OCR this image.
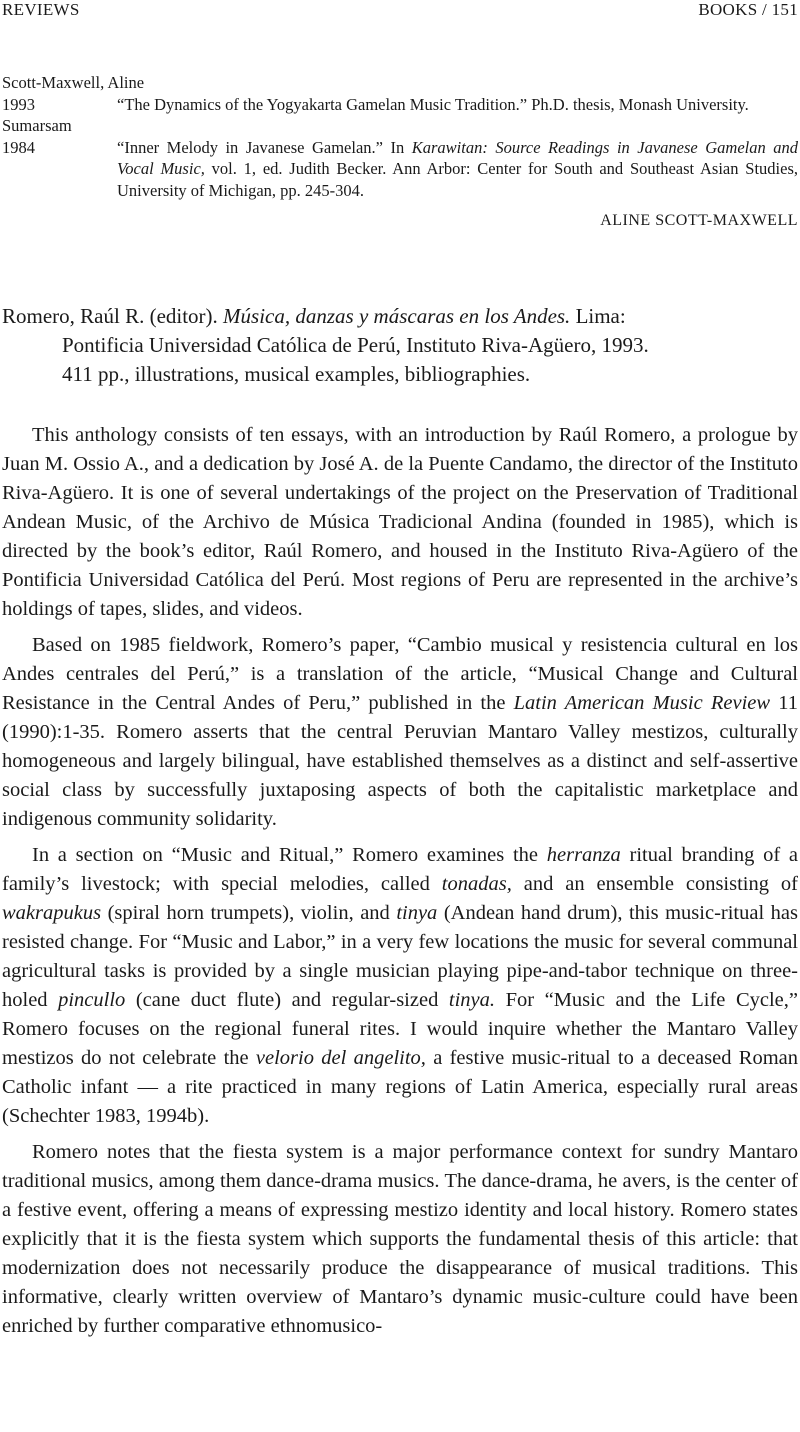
REVIEWS	BOOKS / 151
Scott-Maxwell, Aline
1993	“The Dynamics of the Yogyakarta Gamelan Music Tradition.” Ph.D. thesis, Monash University.
Sumarsam
1984	“Inner Melody in Javanese Gamelan.” In Karawitan: Source Readings in Javanese Gamelan and Vocal Music, vol. 1, ed. Judith Becker. Ann Arbor: Center for South and Southeast Asian Studies, University of Michigan, pp. 245-304.
ALINE SCOTT-MAXWELL
Romero, Raúl R. (editor). Música, danzas y máscaras en los Andes. Lima:
Pontificia Universidad Católica de Perú, Instituto Riva-Agüero, 1993.
411 pp., illustrations, musical examples, bibliographies.

This anthology consists of ten essays, with an introduction by Raúl Romero, a prologue by Juan M. Ossio A., and a dedication by José A. de la Puente Candamo, the director of the Instituto Riva-Agüero. It is one of several undertakings of the project on the Preservation of Traditional Andean Music, of the Archivo de Música Tradicional Andina (founded in 1985), which is directed by the book’s editor, Raúl Romero, and housed in the Instituto Riva-Agüero of the Pontificia Universidad Católica del Perú. Most regions of Peru are represented in the archive’s holdings of tapes, slides, and videos.

Based on 1985 fieldwork, Romero’s paper, “Cambio musical y resistencia cultural en los Andes centrales del Perú,” is a translation of the article, “Musical Change and Cultural Resistance in the Central Andes of Peru,” published in the Latin American Music Review 11 (1990):1-35. Romero asserts that the central Peruvian Mantaro Valley mestizos, culturally homogeneous and largely bilingual, have established themselves as a distinct and self-assertive social class by successfully juxtaposing aspects of both the capitalistic marketplace and indigenous community solidarity.

In a section on “Music and Ritual,” Romero examines the herranza ritual branding of a family’s livestock; with special melodies, called tonadas, and an ensemble consisting of wakrapukus (spiral horn trumpets), violin, and tinya (Andean hand drum), this music-ritual has resisted change. For “Music and Labor,” in a very few locations the music for several communal agricultural tasks is provided by a single musician playing pipe-and-tabor technique on three-holed pincullo (cane duct flute) and regular-sized tinya. For “Music and the Life Cycle,” Romero focuses on the regional funeral rites. I would inquire whether the Mantaro Valley mestizos do not celebrate the velorio del angelito, a festive music-ritual to a deceased Roman Catholic infant — a rite practiced in many regions of Latin America, especially rural areas (Schechter 1983, 1994b).

Romero notes that the fiesta system is a major performance context for sundry Mantaro traditional musics, among them dance-drama musics. The dance-drama, he avers, is the center of a festive event, offering a means of expressing mestizo identity and local history. Romero states explicitly that it is the fiesta system which supports the fundamental thesis of this article: that modernization does not necessarily produce the disappearance of musical traditions. This informative, clearly written overview of Mantaro’s dynamic music-culture could have been enriched by further comparative ethnomusico-
